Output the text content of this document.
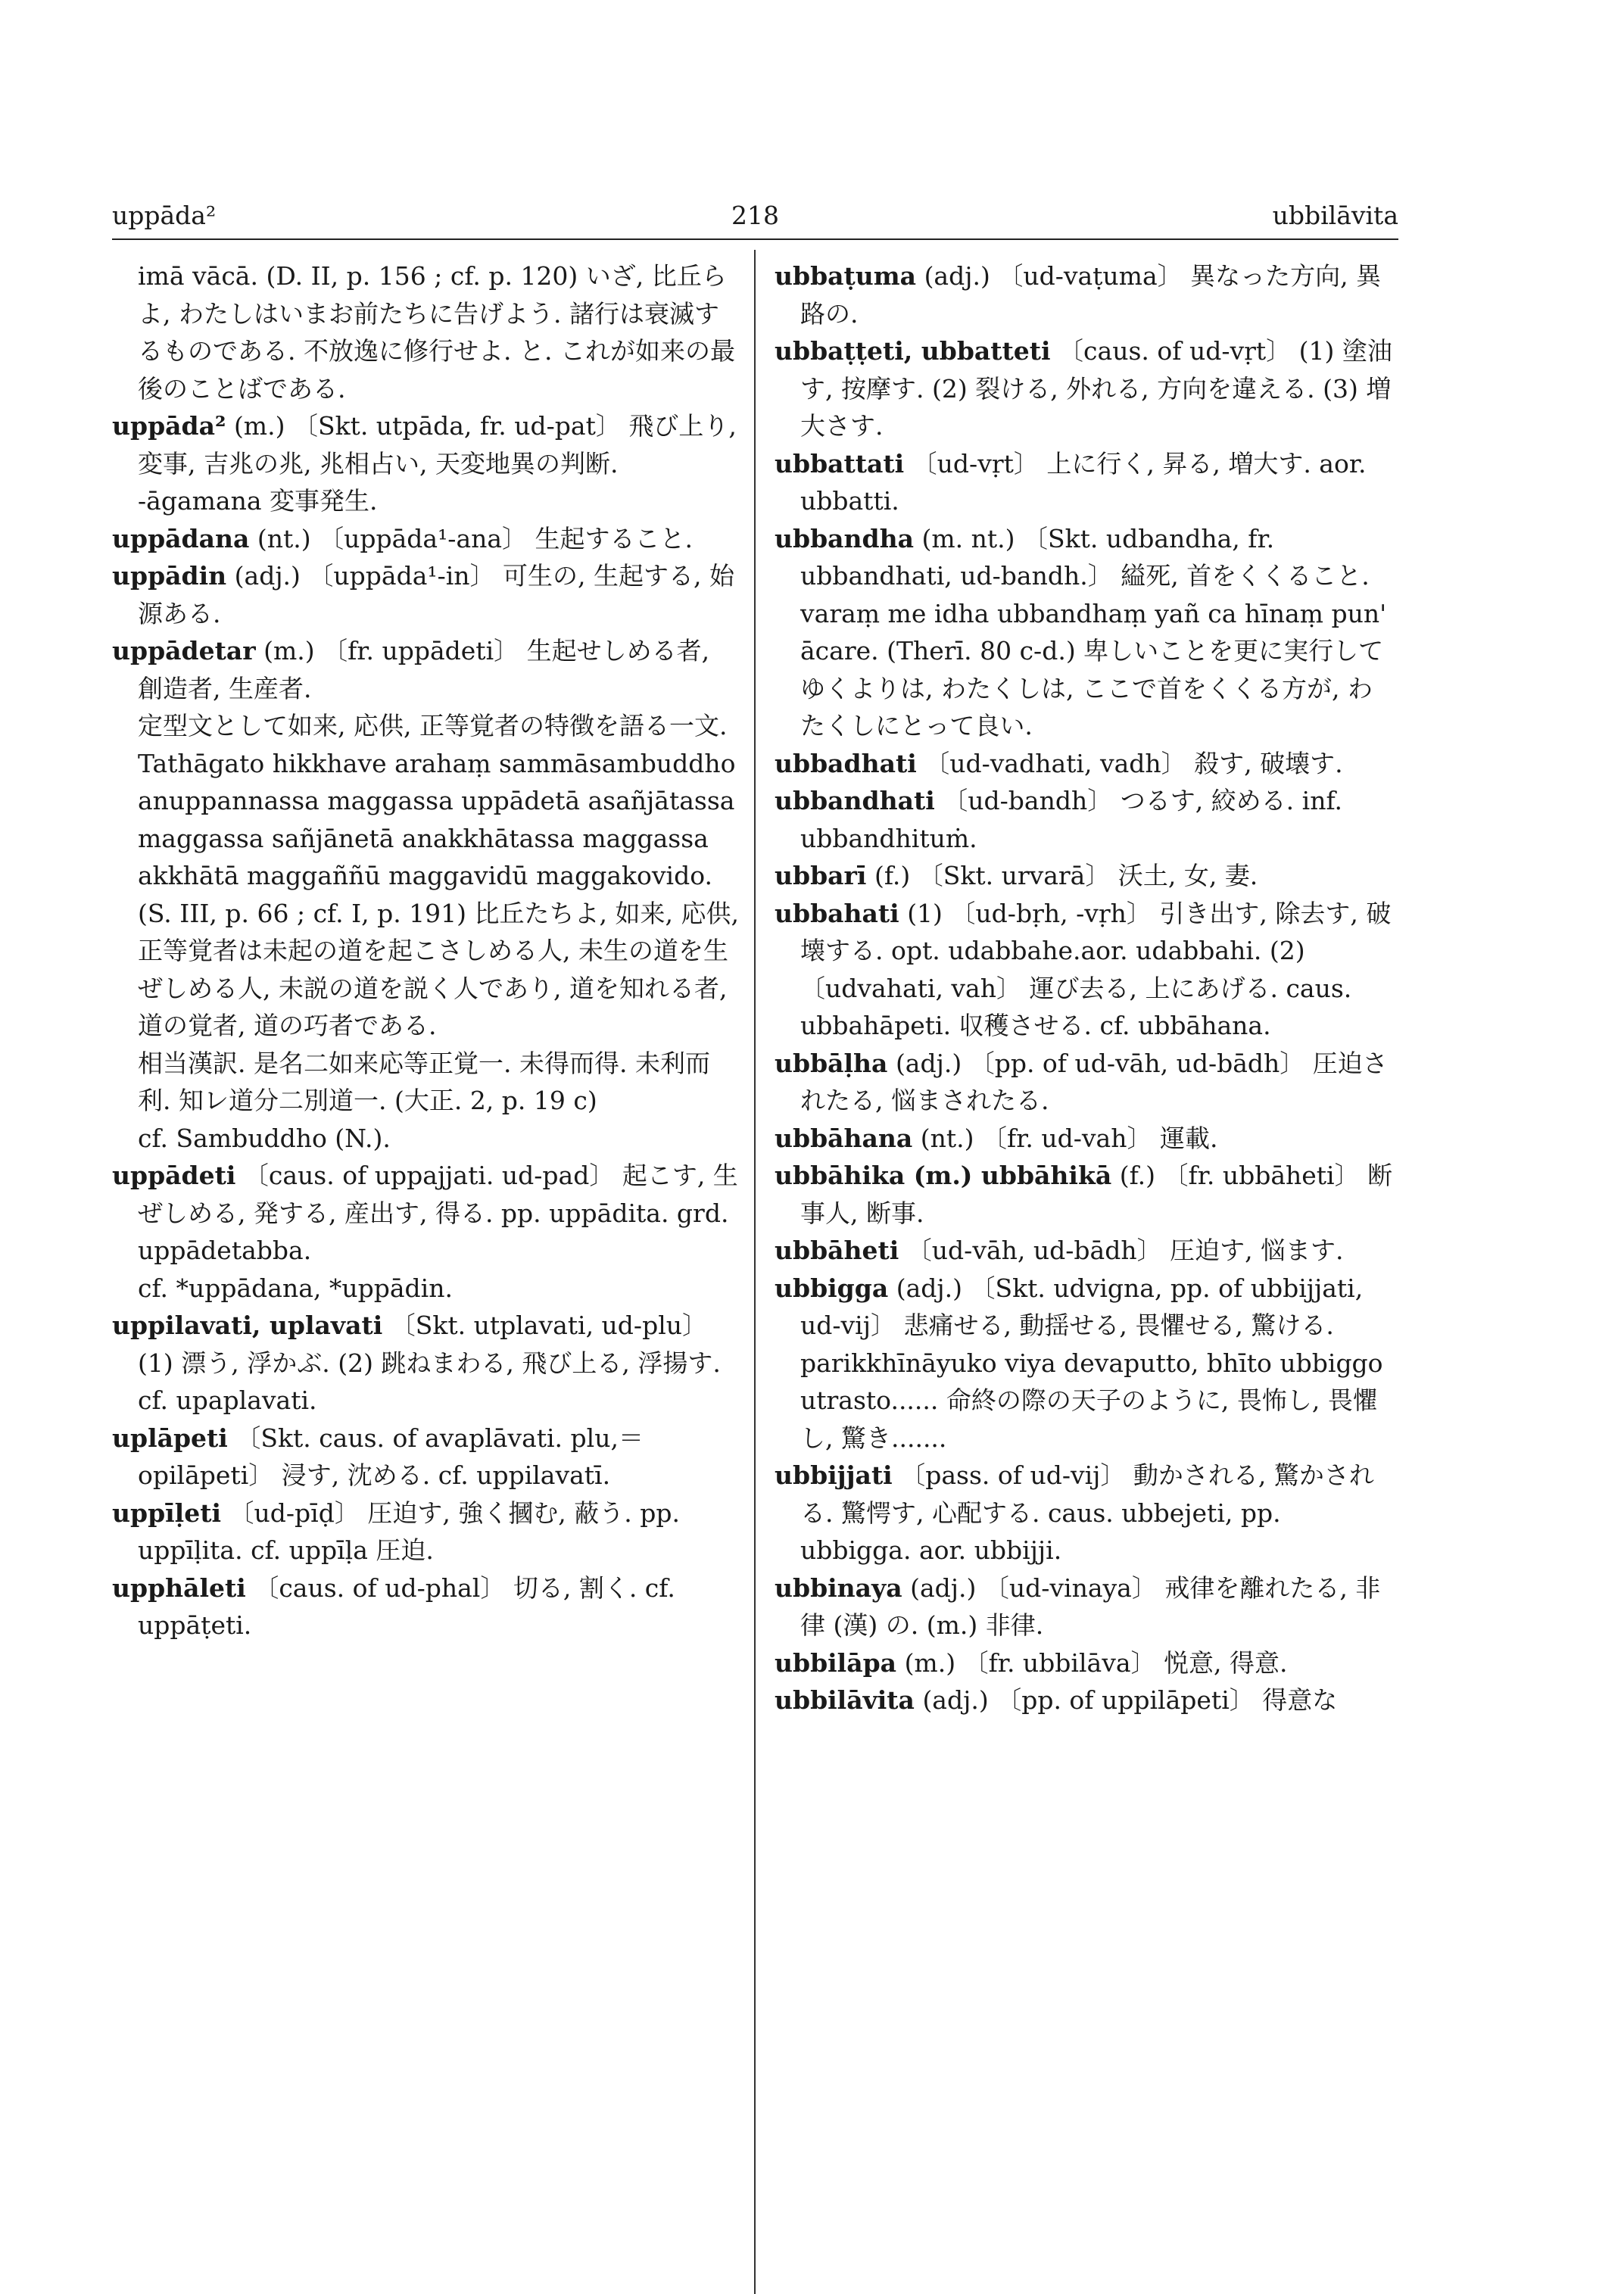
uppāda²	218	ubbilāvita

imā vācā. (D. II, p. 156 ; cf. p. 120) いざ, 比丘らよ, わたしはいまお前たちに告げよう. 諸行は衰滅するものである. 不放逸に修行せよ. と. これが如来の最後のことばである.

uppāda² (m.) 〔Skt. utpāda, fr. ud-pat〕 飛び上り, 変事, 吉兆の兆, 兆相占い, 天変地異の判断.

-āgamana 変事発生.

uppādana (nt.) 〔uppāda¹-ana〕 生起すること.

uppādin (adj.) 〔uppāda¹-in〕 可生の, 生起する, 始源ある.

uppādetar (m.) 〔fr. uppādeti〕 生起せしめる者, 創造者, 生産者.

定型文として如来, 応供, 正等覚者の特徴を語る一文.

Tathāgato hikkhave arahaṃ sammāsambuddho anuppannassa maggassa uppādetā asañjātassa maggassa sañjānetā anakkhātassa maggassa akkhātā maggaññū maggavidū maggakovido. (S. III, p. 66 ; cf. I, p. 191) 比丘たちよ, 如来, 応供, 正等覚者は未起の道を起こさしめる人, 未生の道を生ぜしめる人, 未説の道を説く人であり, 道を知れる者, 道の覚者, 道の巧者である.

相当漢訳. 是名二如来応等正覚一. 未得而得. 未利而利. 知レ道分二別道一. (大正. 2, p. 19 c)

cf. Sambuddho (N.).

uppādeti 〔caus. of uppajjati. ud-pad〕 起こす, 生ぜしめる, 発する, 産出す, 得る. pp. uppādita. grd. uppādetabba.

cf. *uppādana, *uppādin.

uppilavati, uplavati 〔Skt. utplavati, ud-plu〕 (1) 漂う, 浮かぶ. (2) 跳ねまわる, 飛び上る, 浮揚す.

cf. upaplavati.

uplāpeti 〔Skt. caus. of avaplāvati. plu,＝opilāpeti〕 浸す, 沈める. cf. uppilavatī.

uppīḷeti 〔ud-pīḍ〕 圧迫す, 強く摑む, 蔽う. pp. uppīḷita. cf. uppīḷa 圧迫.

upphāleti 〔caus. of ud-phal〕 切る, 割く. cf. uppāṭeti.

ubbaṭuma (adj.) 〔ud-vaṭuma〕 異なった方向, 異路の.

ubbaṭṭeti, ubbatteti 〔caus. of ud-vṛt〕 (1) 塗油す, 按摩す. (2) 裂ける, 外れる, 方向を違える. (3) 増大さす.

ubbattati 〔ud-vṛt〕 上に行く, 昇る, 増大す. aor. ubbatti.

ubbandha (m. nt.) 〔Skt. udbandha, fr. ubbandhati, ud-bandh.〕 縊死, 首をくくること.

varaṃ me idha ubbandhaṃ yañ ca hīnaṃ pun' ācare. (Therī. 80 c-d.) 卑しいことを更に実行してゆくよりは, わたくしは, ここで首をくくる方が, わたくしにとって良い.

ubbadhati 〔ud-vadhati, vadh〕 殺す, 破壊す.

ubbandhati 〔ud-bandh〕 つるす, 絞める. inf. ubbandhituṁ.

ubbarī (f.) 〔Skt. urvarā〕 沃土, 女, 妻.

ubbahati (1) 〔ud-bṛh, -vṛh〕 引き出す, 除去す, 破壊する. opt. udabbahe.aor. udabbahi. (2) 〔udvahati, vah〕 運び去る, 上にあげる. caus. ubbahāpeti. 収穫させる. cf. ubbāhana.

ubbāḷha (adj.) 〔pp. of ud-vāh, ud-bādh〕 圧迫されたる, 悩まされたる.

ubbāhana (nt.) 〔fr. ud-vah〕 運載.

ubbāhika (m.) ubbāhikā (f.) 〔fr. ubbāheti〕 断事人, 断事.

ubbāheti 〔ud-vāh, ud-bādh〕 圧迫す, 悩ます.

ubbigga (adj.) 〔Skt. udvigna, pp. of ubbijjati, ud-vij〕 悲痛せる, 動揺せる, 畏懼せる, 驚ける.

parikkhīnāyuko viya devaputto, bhīto ubbiggo utrasto...... 命終の際の天子のように, 畏怖し, 畏懼し, 驚き.......

ubbijjati 〔pass. of ud-vij〕 動かされる, 驚かされる. 驚愕す, 心配する. caus. ubbejeti, pp. ubbigga. aor. ubbijji.

ubbinaya (adj.) 〔ud-vinaya〕 戒律を離れたる, 非律 (漢) の. (m.) 非律.

ubbilāpa (m.) 〔fr. ubbilāva〕 悦意, 得意.

ubbilāvita (adj.) 〔pp. of uppilāpeti〕 得意な
